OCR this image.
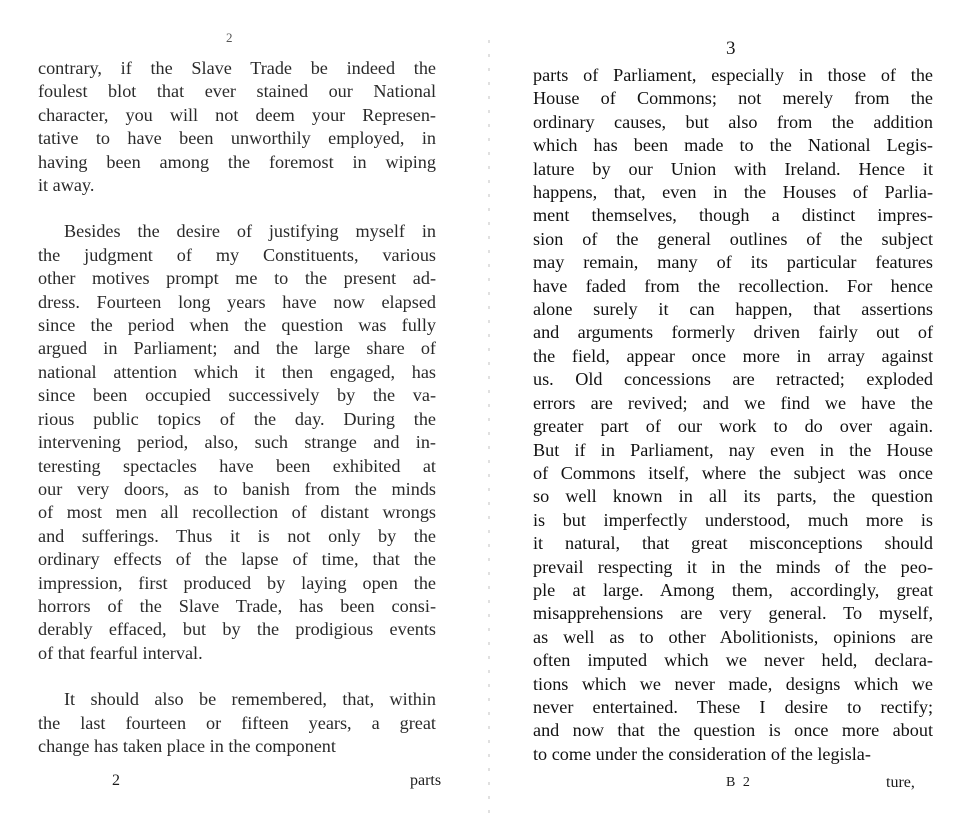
2
contrary, if the Slave Trade be indeed the
foulest blot that ever stained our National
character, you will not deem your Represen-
tative to have been unworthily employed, in
having been among the foremost in wiping
it away.
Besides the desire of justifying myself in
the judgment of my Constituents, various
other motives prompt me to the present ad-
dress. Fourteen long years have now elapsed
since the period when the question was fully
argued in Parliament; and the large share of
national attention which it then engaged, has
since been occupied successively by the va-
rious public topics of the day. During the
intervening period, also, such strange and in-
teresting spectacles have been exhibited at
our very doors, as to banish from the minds
of most men all recollection of distant wrongs
and sufferings. Thus it is not only by the
ordinary effects of the lapse of time, that the
impression, first produced by laying open the
horrors of the Slave Trade, has been consi-
derably effaced, but by the prodigious events
of that fearful interval.
It should also be remembered, that, within
the last fourteen or fifteen years, a great
change has taken place in the component
2	parts
3
parts of Parliament, especially in those of the
House of Commons; not merely from the
ordinary causes, but also from the addition
which has been made to the National Legis-
lature by our Union with Ireland. Hence it
happens, that, even in the Houses of Parlia-
ment themselves, though a distinct impres-
sion of the general outlines of the subject
may remain, many of its particular features
have faded from the recollection. For hence
alone surely it can happen, that assertions
and arguments formerly driven fairly out of
the field, appear once more in array against
us. Old concessions are retracted; exploded
errors are revived; and we find we have the
greater part of our work to do over again.
But if in Parliament, nay even in the House
of Commons itself, where the subject was once
so well known in all its parts, the question
is but imperfectly understood, much more is
it natural, that great misconceptions should
prevail respecting it in the minds of the peo-
ple at large. Among them, accordingly, great
misapprehensions are very general. To myself,
as well as to other Abolitionists, opinions are
often imputed which we never held, declara-
tions which we never made, designs which we
never entertained. These I desire to rectify;
and now that the question is once more about
to come under the consideration of the legisla-
B 2	ture,
